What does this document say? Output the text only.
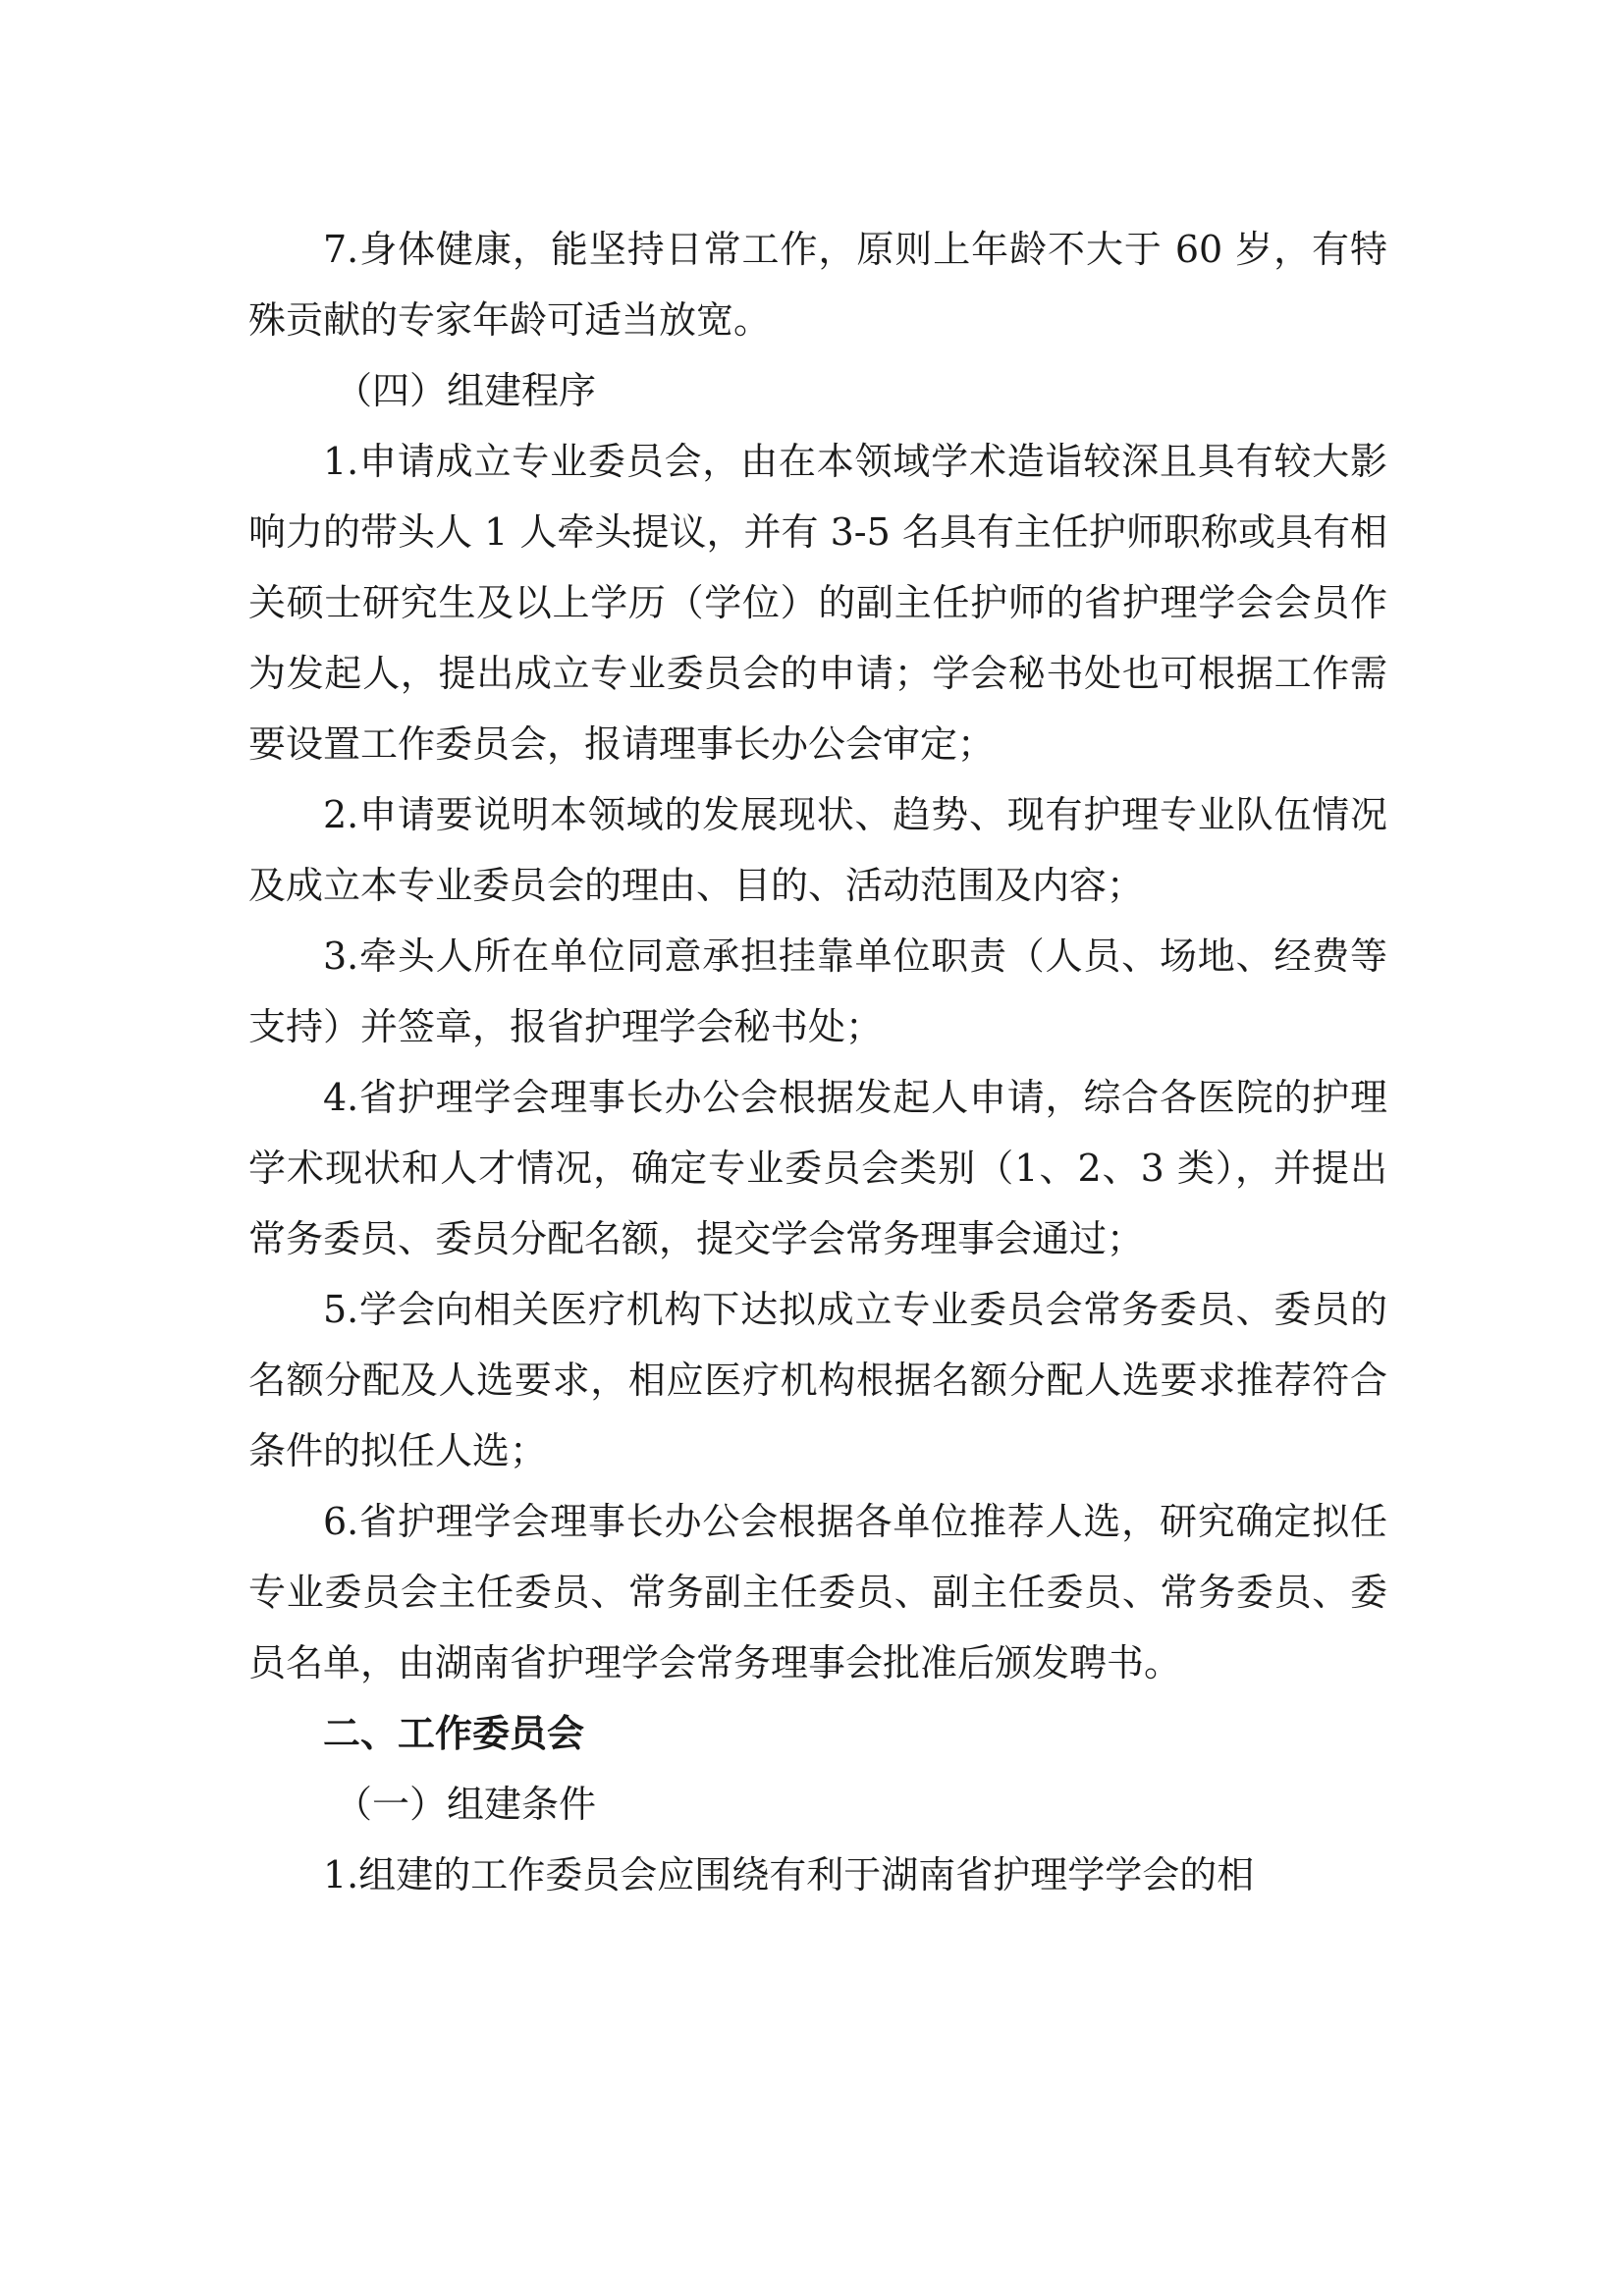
7.身体健康，能坚持日常工作，原则上年龄不大于 60 岁，有特殊贡献的专家年龄可适当放宽。

（四）组建程序

1.申请成立专业委员会，由在本领域学术造诣较深且具有较大影响力的带头人 1 人牵头提议，并有 3-5 名具有主任护师职称或具有相关硕士研究生及以上学历（学位）的副主任护师的省护理学会会员作为发起人，提出成立专业委员会的申请；学会秘书处也可根据工作需要设置工作委员会，报请理事长办公会审定；

2.申请要说明本领域的发展现状、趋势、现有护理专业队伍情况及成立本专业委员会的理由、目的、活动范围及内容；

3.牵头人所在单位同意承担挂靠单位职责（人员、场地、经费等支持）并签章，报省护理学会秘书处；

4.省护理学会理事长办公会根据发起人申请，综合各医院的护理学术现状和人才情况，确定专业委员会类别（1、2、3 类），并提出常务委员、委员分配名额，提交学会常务理事会通过；

5.学会向相关医疗机构下达拟成立专业委员会常务委员、委员的名额分配及人选要求，相应医疗机构根据名额分配人选要求推荐符合条件的拟任人选；

6.省护理学会理事长办公会根据各单位推荐人选，研究确定拟任专业委员会主任委员、常务副主任委员、副主任委员、常务委员、委员名单，由湖南省护理学会常务理事会批准后颁发聘书。

二、工作委员会

（一）组建条件

1.组建的工作委员会应围绕有利于湖南省护理学学会的相
